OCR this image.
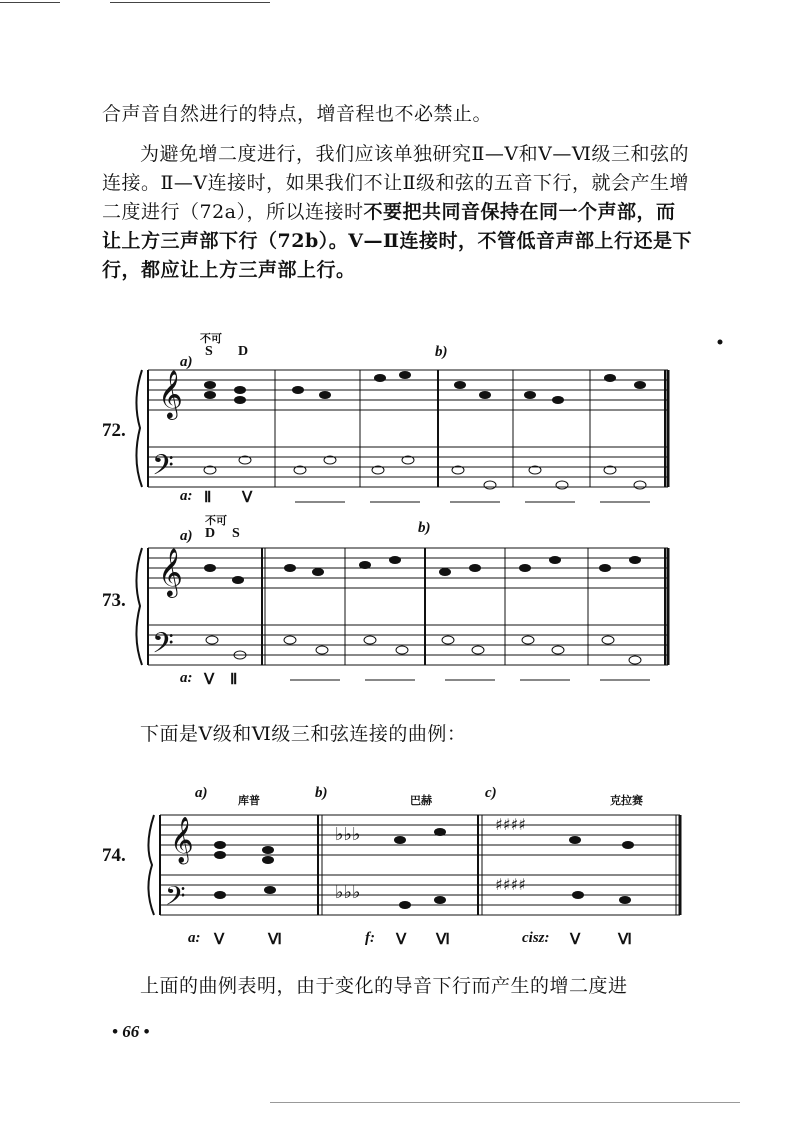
合声音自然进行的特点，增音程也不必禁止。
为避免增二度进行，我们应该单独研究Ⅱ—Ⅴ和Ⅴ—Ⅵ级三和弦的连接。Ⅱ—Ⅴ连接时，如果我们不让Ⅱ级和弦的五音下行，就会产生增二度进行（72a），所以连接时不要把共同音保持在同一个声部，而让上方三声部下行（72b）。Ⅴ—Ⅱ连接时，不管低音声部上行还是下行，都应让上方三声部上行。
72.
不可
a)
S D	b)
a: Ⅱ Ⅴ
73.
不可
a) D S	b)
a: Ⅴ Ⅱ
下面是Ⅴ级和Ⅵ级三和弦连接的曲例：
74.
a)	b)	c)
库普	巴赫	克拉赛
a: Ⅴ	Ⅵ	f: Ⅴ Ⅵ	cisz: Ⅴ	Ⅵ
上面的曲例表明，由于变化的导音下行而产生的增二度进
• 66 •
𝄞
𝄢
𝄞
𝄢
𝄞
𝄢
♭♭♭
♭♭♭
♯♯♯♯
♯♯♯♯
